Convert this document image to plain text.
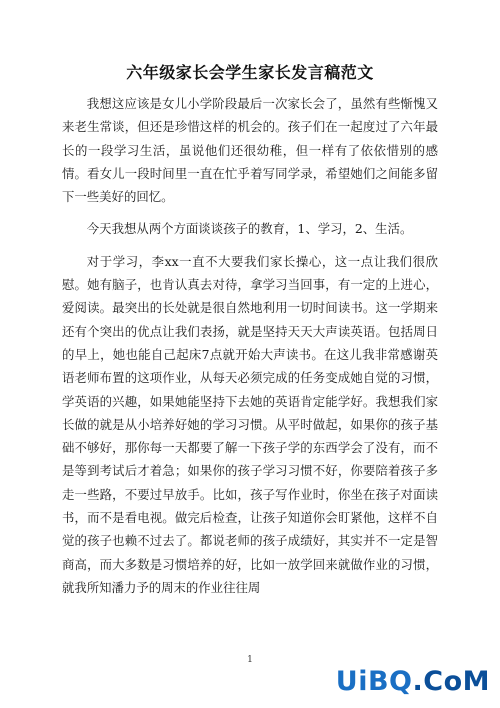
六年级家长会学生家长发言稿范文

我想这应该是女儿小学阶段最后一次家长会了，虽然有些惭愧又来老生常谈，但还是珍惜这样的机会的。孩子们在一起度过了六年最长的一段学习生活，虽说他们还很幼稚，但一样有了依依惜别的感情。看女儿一段时间里一直在忙乎着写同学录，希望她们之间能多留下一些美好的回忆。

今天我想从两个方面谈谈孩子的教育，1、学习，2、生活。

对于学习，李xx一直不大要我们家长操心，这一点让我们很欣慰。她有脑子，也肯认真去对待，拿学习当回事，有一定的上进心，爱阅读。最突出的长处就是很自然地利用一切时间读书。这一学期来还有个突出的优点让我们表扬，就是坚持天天大声读英语。包括周日的早上，她也能自己起床7点就开始大声读书。在这儿我非常感谢英语老师布置的这项作业，从每天必须完成的任务变成她自觉的习惯，学英语的兴趣，如果她能坚持下去她的英语肯定能学好。我想我们家长做的就是从小培养好她的学习习惯。从平时做起，如果你的孩子基础不够好，那你每一天都要了解一下孩子学的东西学会了没有，而不是等到考试后才着急；如果你的孩子学习习惯不好，你要陪着孩子多走一些路，不要过早放手。比如，孩子写作业时，你坐在孩子对面读书，而不是看电视。做完后检查，让孩子知道你会盯紧他，这样不自觉的孩子也赖不过去了。都说老师的孩子成绩好，其实并不一定是智商高，而大多数是习惯培养的好，比如一放学回来就做作业的习惯，就我所知潘力予的周末的作业往往周

1
UiBQ.CoM
